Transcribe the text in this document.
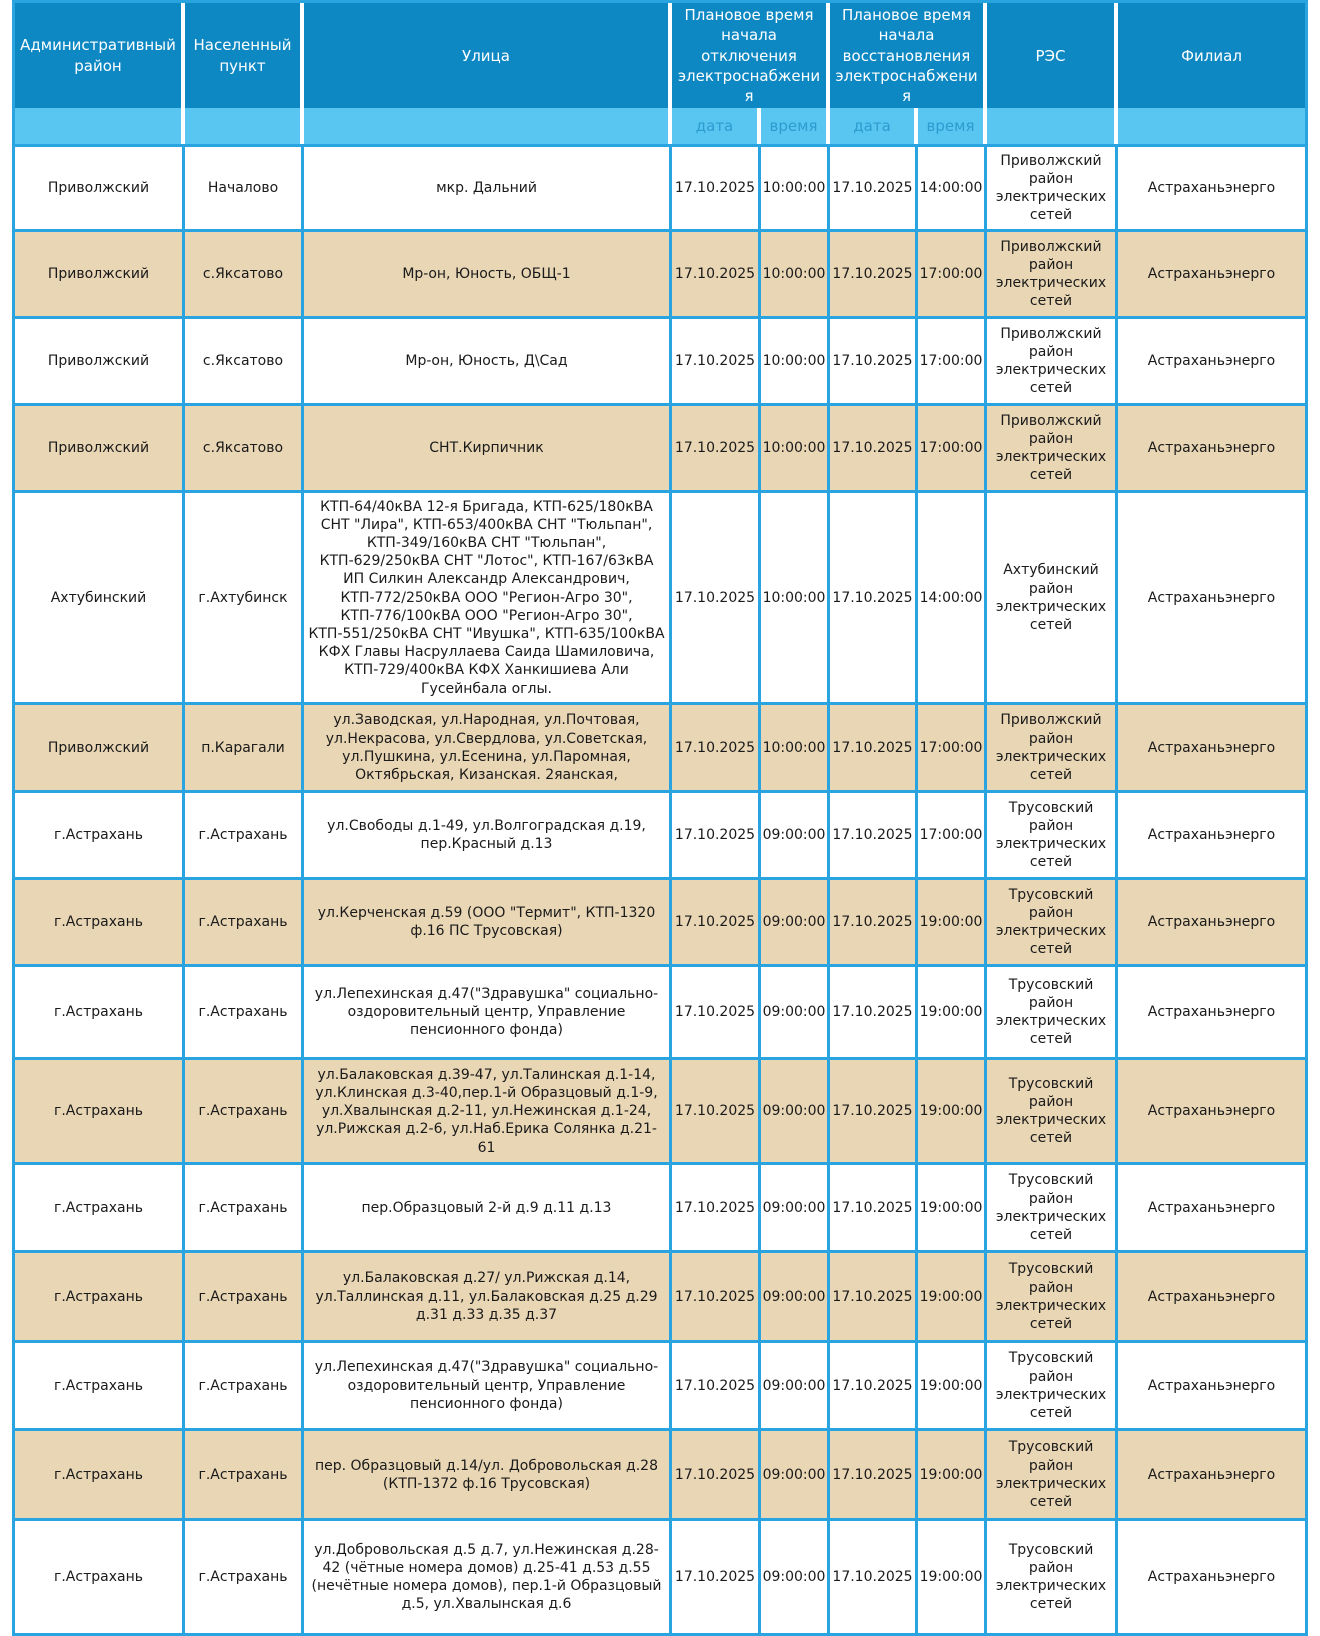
Административный район	Населенный пункт	Улица	Плановое время начала отключения электроснабжения		Плановое время начала восстановления электроснабжения		РЭС	Филиал
			дата	время	дата	время		
Приволжский	Началово	мкр. Дальний	17.10.2025	10:00:00	17.10.2025	14:00:00	Приволжский район электрических сетей	Астраханьэнерго
Приволжский	с.Яксатово	Мр-он, Юность, ОБЩ-1	17.10.2025	10:00:00	17.10.2025	17:00:00	Приволжский район электрических сетей	Астраханьэнерго
Приволжский	с.Яксатово	Мр-он, Юность, Д\Сад	17.10.2025	10:00:00	17.10.2025	17:00:00	Приволжский район электрических сетей	Астраханьэнерго
Приволжский	с.Яксатово	СНТ.Кирпичник	17.10.2025	10:00:00	17.10.2025	17:00:00	Приволжский район электрических сетей	Астраханьэнерго
Ахтубинский	г.Ахтубинск	КТП-64/40кВА 12-я Бригада, КТП-625/180кВА СНТ "Лира", КТП-653/400кВА СНТ "Тюльпан", КТП-349/160кВА СНТ "Тюльпан", КТП-629/250кВА СНТ "Лотос", КТП-167/63кВА ИП Силкин Александр Александрович, КТП-772/250кВА ООО "Регион-Агро 30", КТП-776/100кВА ООО "Регион-Агро 30", КТП-551/250кВА СНТ "Ивушка", КТП-635/100кВА КФХ Главы Насруллаева Саида Шамиловича, КТП-729/400кВА КФХ Ханкишиева Али Гусейнбала оглы.	17.10.2025	10:00:00	17.10.2025	14:00:00	Ахтубинский район электрических сетей	Астраханьэнерго
Приволжский	п.Карагали	ул.Заводская, ул.Народная, ул.Почтовая, ул.Некрасова, ул.Свердлова, ул.Советская, ул.Пушкина, ул.Есенина, ул.Паромная, Октябрьская, Кизанская. 2яанская,	17.10.2025	10:00:00	17.10.2025	17:00:00	Приволжский район электрических сетей	Астраханьэнерго
г.Астрахань	г.Астрахань	ул.Свободы д.1-49, ул.Волгоградская д.19, пер.Красный д.13	17.10.2025	09:00:00	17.10.2025	17:00:00	Трусовский район электрических сетей	Астраханьэнерго
г.Астрахань	г.Астрахань	ул.Керченская д.59 (ООО "Термит", КТП-1320 ф.16 ПС Трусовская)	17.10.2025	09:00:00	17.10.2025	19:00:00	Трусовский район электрических сетей	Астраханьэнерго
г.Астрахань	г.Астрахань	ул.Лепехинская д.47("Здравушка" социально-оздоровительный центр, Управление пенсионного фонда)	17.10.2025	09:00:00	17.10.2025	19:00:00	Трусовский район электрических сетей	Астраханьэнерго
г.Астрахань	г.Астрахань	ул.Балаковская д.39-47, ул.Талинская д.1-14, ул.Клинская д.3-40,пер.1-й Образцовый д.1-9, ул.Хвалынская д.2-11, ул.Нежинская д.1-24, ул.Рижская д.2-6, ул.Наб.Ерика Солянка д.21-61	17.10.2025	09:00:00	17.10.2025	19:00:00	Трусовский район электрических сетей	Астраханьэнерго
г.Астрахань	г.Астрахань	пер.Образцовый 2-й д.9 д.11 д.13	17.10.2025	09:00:00	17.10.2025	19:00:00	Трусовский район электрических сетей	Астраханьэнерго
г.Астрахань	г.Астрахань	ул.Балаковская д.27/ ул.Рижская д.14, ул.Таллинская д.11, ул.Балаковская д.25 д.29 д.31 д.33 д.35 д.37	17.10.2025	09:00:00	17.10.2025	19:00:00	Трусовский район электрических сетей	Астраханьэнерго
г.Астрахань	г.Астрахань	ул.Лепехинская д.47("Здравушка" социально-оздоровительный центр, Управление пенсионного фонда)	17.10.2025	09:00:00	17.10.2025	19:00:00	Трусовский район электрических сетей	Астраханьэнерго
г.Астрахань	г.Астрахань	пер. Образцовый д.14/ул. Добровольская д.28 (КТП-1372 ф.16 Трусовская)	17.10.2025	09:00:00	17.10.2025	19:00:00	Трусовский район электрических сетей	Астраханьэнерго
г.Астрахань	г.Астрахань	ул.Добровольская д.5 д.7, ул.Нежинская д.28-42 (чётные номера домов) д.25-41 д.53 д.55 (нечётные номера домов), пер.1-й Образцовый д.5, ул.Хвалынская д.6	17.10.2025	09:00:00	17.10.2025	19:00:00	Трусовский район электрических сетей	Астраханьэнерго
